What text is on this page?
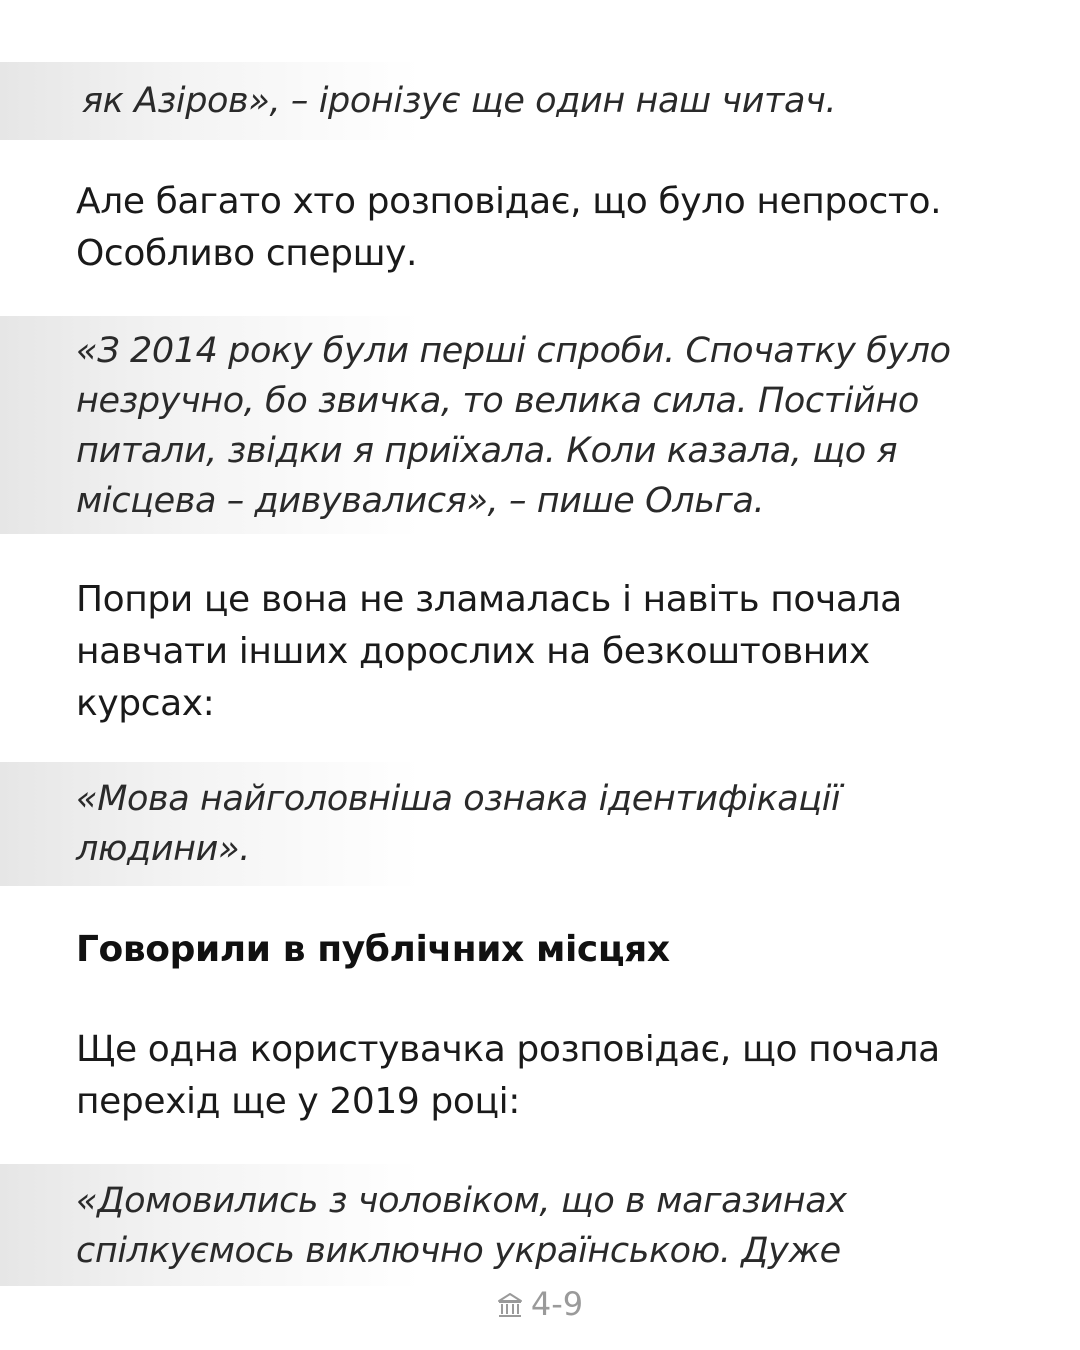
як Азіров», – іронізує ще один наш читач.
Але багато хто розповідає, що було непросто.
Особливо спершу.
«З 2014 року були перші спроби. Спочатку було
незручно, бо звичка, то велика сила. Постійно
питали, звідки я приїхала. Коли казала, що я
місцева – дивувалися», – пише Ольга.
Попри це вона не зламалась і навіть почала
навчати інших дорослих на безкоштовних
курсах:
«Мова найголовніша ознака ідентифікації
людини».
Говорили в публічних місцях
Ще одна користувачка розповідає, що почала
перехід ще у 2019 році:
«Домовились з чоловіком, що в магазинах
спілкуємось виключно українською. Дуже
4-9
